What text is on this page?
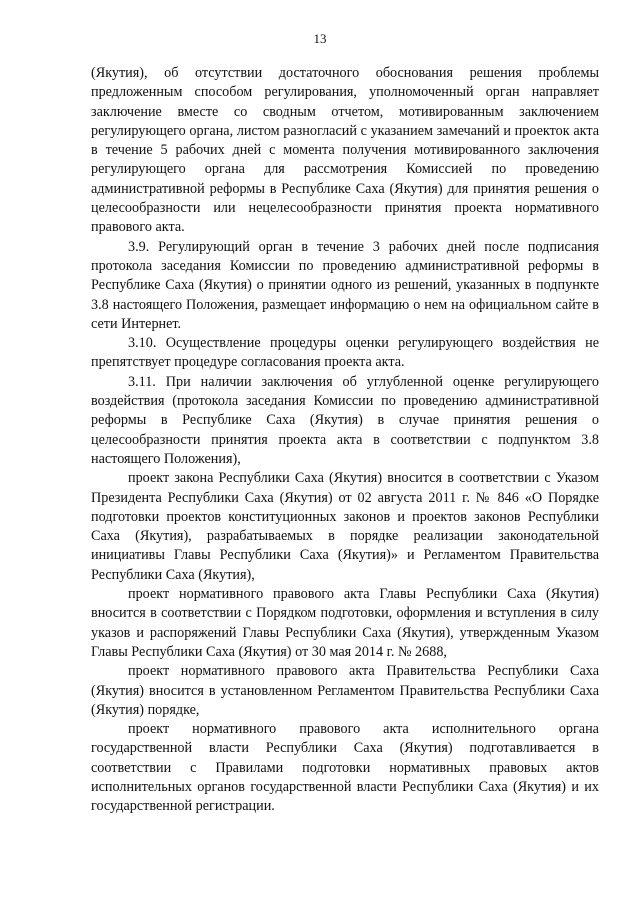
13

(Якутия), об отсутствии достаточного обоснования решения проблемы предложенным способом регулирования, уполномоченный орган направляет заключение вместе со сводным отчетом, мотивированным заключением регулирующего органа, листом разногласий с указанием замечаний и проекток акта в течение 5 рабочих дней с момента получения мотивированного заключения регулирующего органа для рассмотрения Комиссией по проведению административной реформы в Республике Саха (Якутия) для принятия решения о целесообразности или нецелесообразности принятия проекта нормативного правового акта.

3.9. Регулирующий орган в течение 3 рабочих дней после подписания протокола заседания Комиссии по проведению административной реформы в Республике Саха (Якутия) о принятии одного из решений, указанных в подпункте 3.8 настоящего Положения, размещает информацию о нем на официальном сайте в сети Интернет.

3.10. Осуществление процедуры оценки регулирующего воздействия не препятствует процедуре согласования проекта акта.

3.11. При наличии заключения об углубленной оценке регулирующего воздействия (протокола заседания Комиссии по проведению административной реформы в Республике Саха (Якутия) в случае принятия решения о целесообразности принятия проекта акта в соответствии с подпунктом 3.8 настоящего Положения),

проект закона Республики Саха (Якутия) вносится в соответствии с Указом Президента Республики Саха (Якутия) от 02 августа 2011 г. № 846 «О Порядке подготовки проектов конституционных законов и проектов законов Республики Саха (Якутия), разрабатываемых в порядке реализации законодательной инициативы Главы Республики Саха (Якутия)» и Регламентом Правительства Республики Саха (Якутия),

проект нормативного правового акта Главы Республики Саха (Якутия) вносится в соответствии с Порядком подготовки, оформления и вступления в силу указов и распоряжений Главы Республики Саха (Якутия), утвержденным Указом Главы Республики Саха (Якутия) от 30 мая 2014 г. № 2688,

проект нормативного правового акта Правительства Республики Саха (Якутия) вносится в установленном Регламентом Правительства Республики Саха (Якутия) порядке,

проект нормативного правового акта исполнительного органа государственной власти Республики Саха (Якутия) подготавливается в соответствии с Правилами подготовки нормативных правовых актов исполнительных органов государственной власти Республики Саха (Якутия) и их государственной регистрации.
